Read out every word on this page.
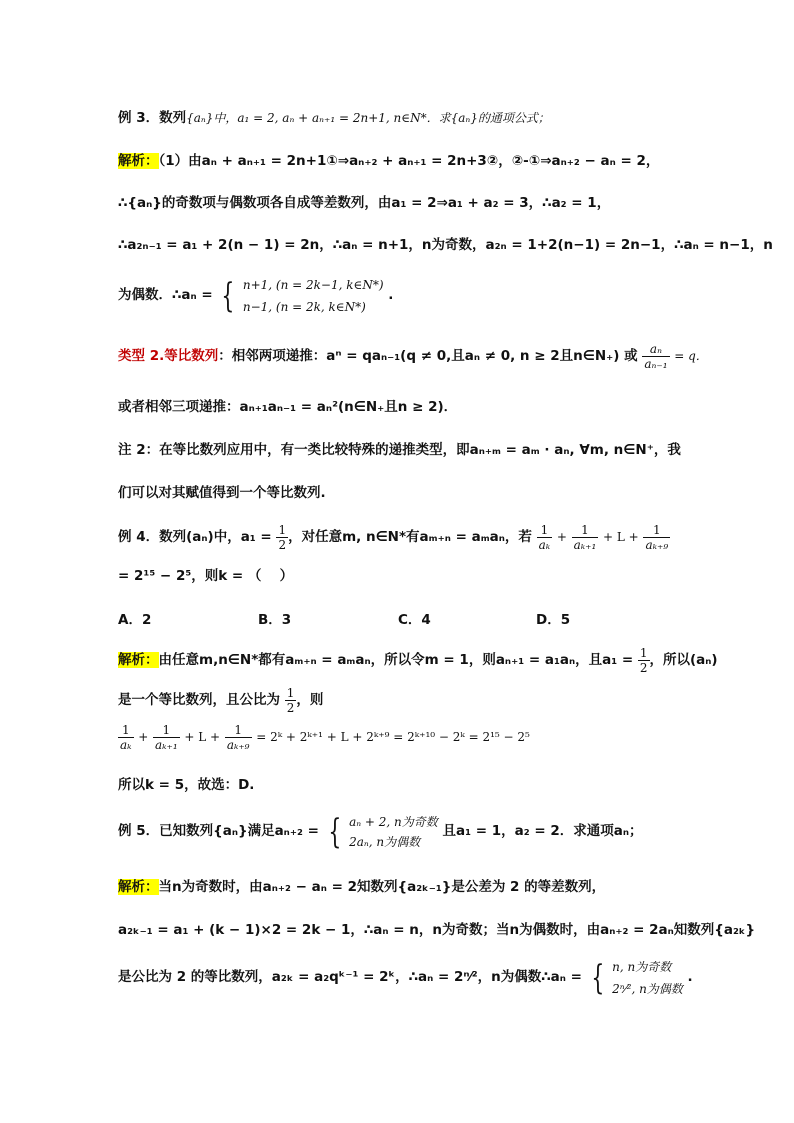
例 3．数列{aₙ}中，a₁ = 2, aₙ + aₙ₊₁ = 2n+1, n∈N*．求{aₙ}的通项公式；
解析：（1）由aₙ + aₙ₊₁ = 2n+1①⇒aₙ₊₂ + aₙ₊₁ = 2n+3②，②-①⇒aₙ₊₂ − aₙ = 2，
∴{aₙ}的奇数项与偶数项各自成等差数列，由a₁ = 2⇒a₁ + a₂ = 3，∴a₂ = 1，
∴a₂ₙ₋₁ = a₁ + 2(n − 1) = 2n，∴aₙ = n+1，n为奇数，a₂ₙ = 1+2(n−1) = 2n−1，∴aₙ = n−1，n
为偶数．∴aₙ = { n+1, (n = 2k−1, k∈N*)
n−1, (n = 2k, k∈N*)
.
类型 2.等比数列：相邻两项递推：aⁿ = qaₙ₋₁(q ≠ 0,且aₙ ≠ 0, n ≥ 2且n∈N₊) 或 $\frac{\text{aₙ}}{\text{aₙ₋₁}} = q$．
或者相邻三项递推：aₙ₊₁aₙ₋₁ = aₙ²(n∈N₊且n ≥ 2)．
注 2：在等比数列应用中，有一类比较特殊的递推类型，即aₙ₊ₘ = aₘ · aₙ, ∀m, n∈N⁺，我
们可以对其赋值得到一个等比数列.
例 4．数列(aₙ)中，$a_1 = \frac{1}{2}$ ，对任意m, n∈N*有aₘ₊ₙ = aₘaₙ，若 $\frac{1}{\text{aₖ}} + \frac{1}{\text{aₖ₊₁}} + L + \frac{1}{\text{aₖ₊₉}}$
= 2¹⁵ − 2⁵，则k = （　 ）
A．2	B．3	C．4	D．5
解析：由任意m,n∈N*都有aₘ₊ₙ = aₘaₙ，所以令m = 1，则aₙ₊₁ = a₁aₙ，且$a_1 = \frac{1}{2}$ ，所以(aₙ)
是一个等比数列，且公比为 $\frac{1}{2}$ ，则
$\frac{1}{\text{aₖ}} + \frac{1}{\text{aₖ₊₁}} + L + \frac{1}{\text{aₖ₊₉}}$ = 2ᵏ + 2ᵏ⁺¹ + L + 2ᵏ⁺⁹ = 2ᵏ⁺¹⁰ − 2ᵏ = 2¹⁵ − 2⁵
所以k = 5，故选：D.
例 5．已知数列{aₙ}满足aₙ₊₂ = { aₙ + 2, n为奇数
2aₙ, n为偶数
且a₁ = 1，a₂ = 2．求通项aₙ；
解析：当n为奇数时，由aₙ₊₂ − aₙ = 2知数列{a₂ₖ₋₁}是公差为 2 的等差数列，
a₂ₖ₋₁ = a₁ + (k − 1)×2 = 2k − 1，∴aₙ = n，n为奇数；当n为偶数时，由aₙ₊₂ = 2aₙ知数列{a₂ₖ}
是公比为 2 的等比数列，a₂ₖ = a₂qᵏ⁻¹ = 2ᵏ，∴aₙ = 2ⁿ⁄²，n为偶数∴aₙ = { n, n为奇数
2ⁿ⁄², n为偶数
.
